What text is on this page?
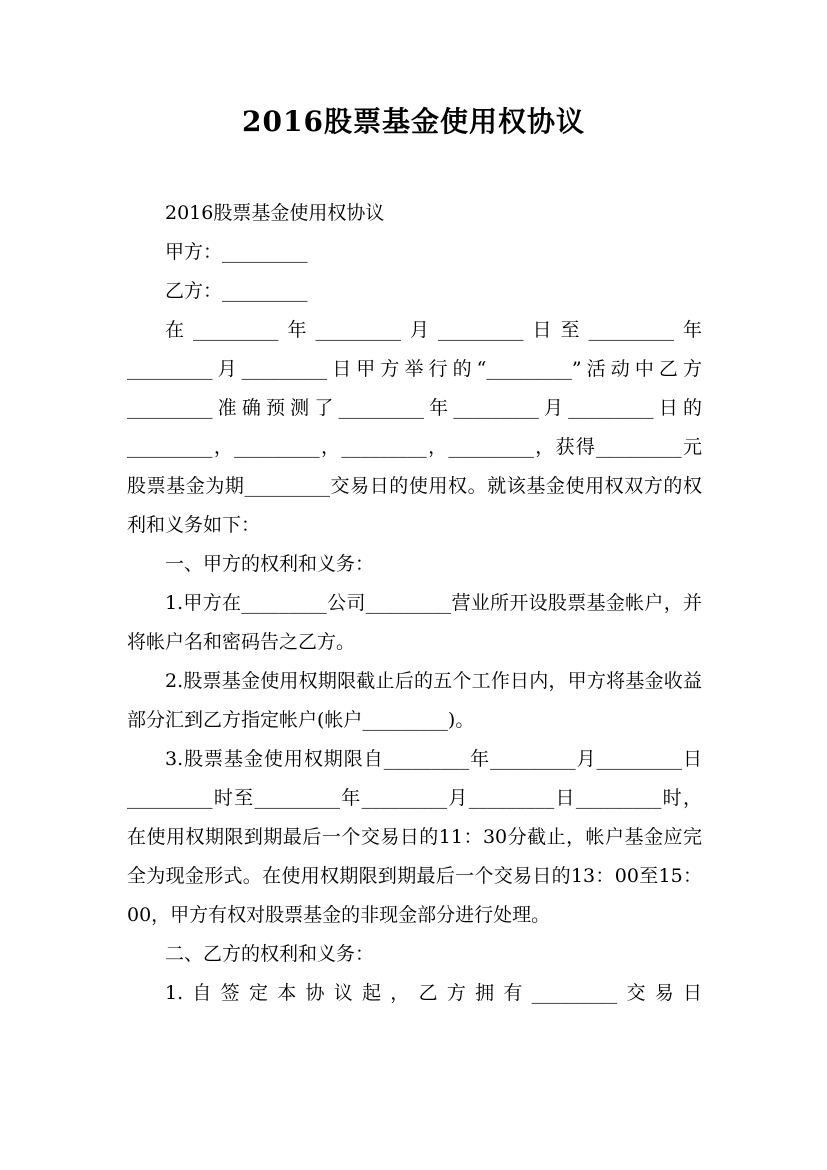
2016股票基金使用权协议

2016股票基金使用权协议

甲方：_________

乙方：_________

在_________年_________月_________日至_________年_________月_________日甲方举行的“_________”活动中乙方_________准确预测了_________年_________月_________日的_________，_________，_________，_________，获得_________元股票基金为期_________交易日的使用权。就该基金使用权双方的权利和义务如下：

一、甲方的权利和义务：

1.甲方在_________公司_________营业所开设股票基金帐户，并将帐户名和密码告之乙方。

2.股票基金使用权期限截止后的五个工作日内，甲方将基金收益部分汇到乙方指定帐户(帐户_________)。

3.股票基金使用权期限自_________年_________月_________日_________时至_________年_________月_________日_________时，在使用权期限到期最后一个交易日的11：30分截止，帐户基金应完全为现金形式。在使用权期限到期最后一个交易日的13：00至15：00，甲方有权对股票基金的非现金部分进行处理。

二、乙方的权利和义务：

1.自签定本协议起，乙方拥有_________交易日
